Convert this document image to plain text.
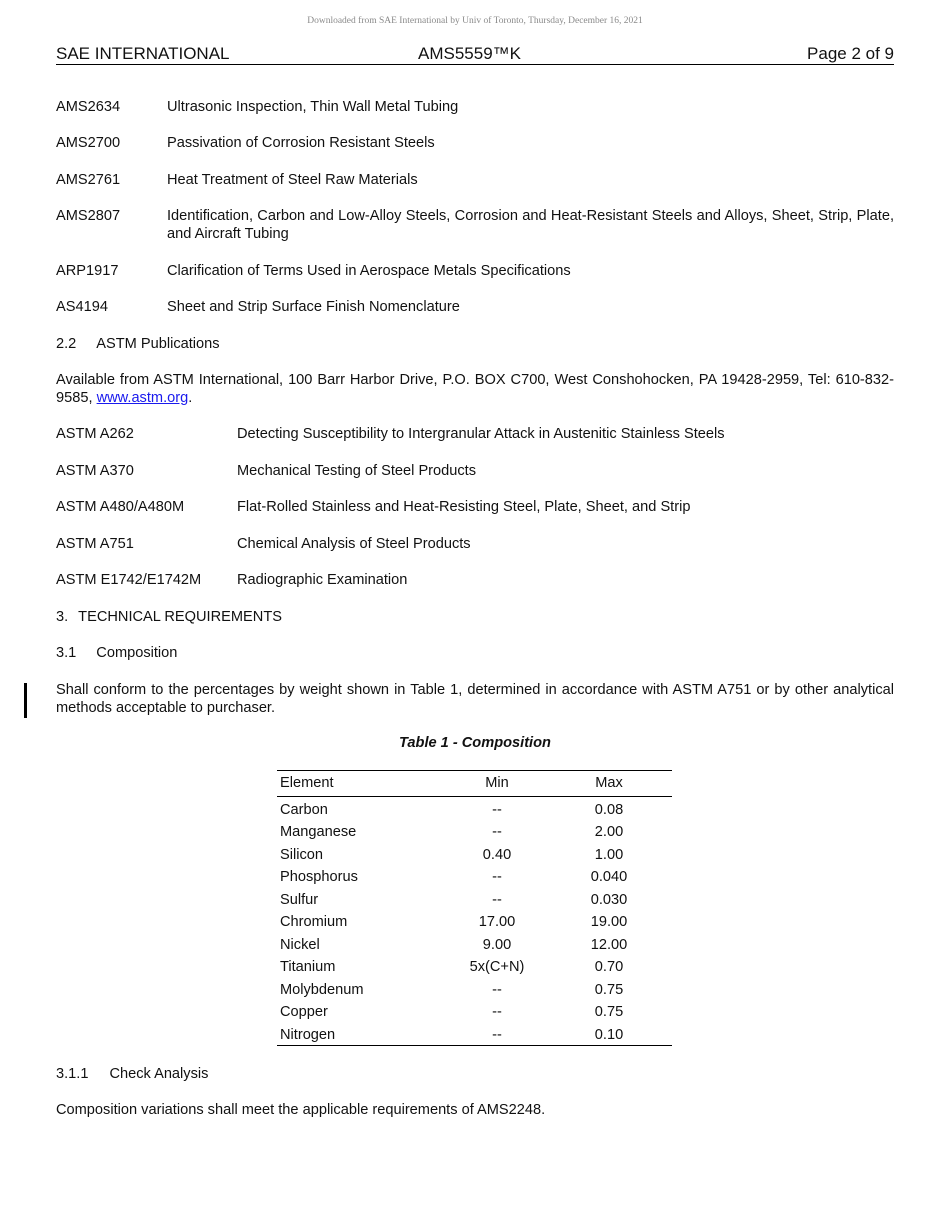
Downloaded from SAE International by Univ of Toronto, Thursday, December 16, 2021
SAE INTERNATIONAL	AMS5559™K	Page 2 of 9
AMS2634	Ultrasonic Inspection, Thin Wall Metal Tubing
AMS2700	Passivation of Corrosion Resistant Steels
AMS2761	Heat Treatment of Steel Raw Materials
AMS2807	Identification, Carbon and Low-Alloy Steels, Corrosion and Heat-Resistant Steels and Alloys, Sheet, Strip, Plate, and Aircraft Tubing
ARP1917	Clarification of Terms Used in Aerospace Metals Specifications
AS4194	Sheet and Strip Surface Finish Nomenclature
2.2 ASTM Publications
Available from ASTM International, 100 Barr Harbor Drive, P.O. BOX C700, West Conshohocken, PA 19428-2959, Tel: 610-832-9585, www.astm.org.
ASTM A262	Detecting Susceptibility to Intergranular Attack in Austenitic Stainless Steels
ASTM A370	Mechanical Testing of Steel Products
ASTM A480/A480M	Flat-Rolled Stainless and Heat-Resisting Steel, Plate, Sheet, and Strip
ASTM A751	Chemical Analysis of Steel Products
ASTM E1742/E1742M Radiographic Examination
3. TECHNICAL REQUIREMENTS
3.1 Composition
Shall conform to the percentages by weight shown in Table 1, determined in accordance with ASTM A751 or by other analytical methods acceptable to purchaser.
Table 1 - Composition
Element	Min	Max
Carbon	--	0.08
Manganese	--	2.00
Silicon	0.40	1.00
Phosphorus	--	0.040
Sulfur	--	0.030
Chromium	17.00	19.00
Nickel	9.00	12.00
Titanium	5x(C+N)	0.70
Molybdenum	--	0.75
Copper	--	0.75
Nitrogen	--	0.10
3.1.1 Check Analysis
Composition variations shall meet the applicable requirements of AMS2248.
